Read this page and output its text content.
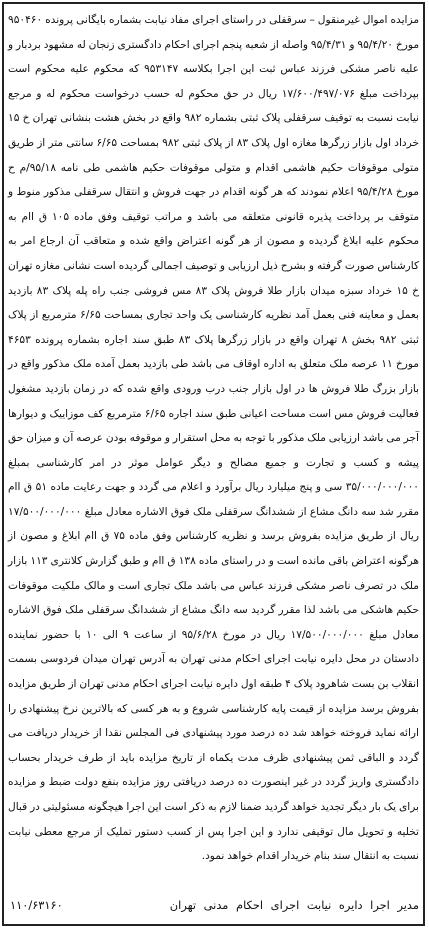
مزایده اموال غیرمنقول – سرقفلی در راستای اجرای مفاد نیابت بشماره بایگانی پرونده ۹۵۰۴۶۰ مورخ ۹۵/۴/۲۰ و ۹۵/۴/۳۱ واصله از شعبه پنجم اجرای احکام دادگستری زنجان له مشهود بردبار و علیه ناصر مشکی فرزند عباس ثبت این اجرا بکلاسه ۹۵۳۱۴۷ که محکوم علیه محکوم است بپرداخت مبلغ ۱۷/۶۰۰/۴۹۷/۰۷۶ ریال در حق محکوم له حسب درخواست محکوم له و مرجع نیابت نسبت به توقیف سرقفلی پلاک ثبتی بشماره ۹۸۲ واقع در بخش هشت بنشانی تهران خ ۱۵ خرداد اول بازار زرگرها مغازه اول پلاک ۸۳ از پلاک ثبتی ۹۸۲ بمساحت ۶/۶۵ سانتی متر از طریق متولی موقوفات حکیم هاشمی اقدام و متولی موقوفات حکیم هاشمی طی نامه ۹۵/۱۸/م ح مورخ ۹۵/۴/۲۸ اعلام نمودند که هر گونه اقدام در جهت فروش و انتقال سرقفلی مذکور منوط و متوقف بر پرداخت پذیره قانونی متعلقه می باشد و مراتب توقیف وفق ماده ۱۰۵ ق اام به محکوم علیه ابلاغ گردیده و مصون از هر گونه اعتراض واقع شده و متعاقب آن ارجاع امر به کارشناس صورت گرفته و بشرح ذیل ارزیابی و توصیف اجمالی گردیده است نشانی مغازه تهران خ ۱۵ خرداد سبزه میدان بازار طلا فروش پلاک ۸۳ مس فروشی جنب راه پله پلاک ۸۳ بازدید بعمل و معاینه فنی بعمل آمد نظریه کارشناسی یک واحد تجاری بمساحت ۶/۶۵ مترمربع از پلاک ثبتی ۹۸۲ بخش ۸ تهران واقع در بازار زرگرها پلاک ۸۳ طبق سند اجاره بشماره پرونده ۴۶۵۳ مورخ ۱۱ عرصه ملک متعلق به اداره اوقاف می باشد طی بازدید بعمل آمده ملک مذکور واقع در بازار بزرگ طلا فروش ها در اول بازار جنب درب ورودی واقع شده که در زمان بازدید مشغول فعالیت فروش مس است مساحت اعیانی طبق سند اجاره ۶/۶۵ مترمربع کف موزاییک و دیوارها آجر می باشد ارزیابی ملک مذکور با توجه به محل استقرار و موقوفه بودن عرصه آن و میزان حق پیشه و کسب و تجارت و جمیع مصالح و دیگر عوامل موثر در امر کارشناسی بمبلغ ۳۵/۰۰۰/۰۰۰/۰۰۰ سی و پنج میلیارد ریال برآورد و اعلام می گردد و جهت رعایت ماده ۵۱ ق اام مقرر شد سه دانگ مشاع از ششدانگ سرقفلی ملک فوق الاشاره معادل مبلغ ۱۷/۵۰۰/۰۰۰/۰۰۰ ریال از طریق مزایده بفروش برسد و نظریه کارشناس وفق ماده ۷۵ ق اام ابلاغ و مصون از هرگونه اعتراض باقی مانده است و در راستای ماده ۱۳۸ ق اام و طبق گزارش کلانتری ۱۱۳ بازار ملک در تصرف ناصر مشکی فرزند عباس می باشد ملک تجاری است و مالک ملکیت موقوفات حکیم هاشکی می باشد لذا مقرر گردید سه دانگ مشاع از ششدانگ سرقفلی ملک فوق الاشاره معادل مبلغ ۱۷/۵۰۰/۰۰۰/۰۰۰ ریال در مورخ ۹۵/۶/۲۸ از ساعت ۹ الی ۱۰ با حضور نماینده دادستان در محل دایره نیابت اجرای احکام مدنی تهران به آدرس تهران میدان فردوسی بسمت انقلاب بن بست شاهرود پلاک ۴ طبقه اول دایره نیابت اجرای احکام مدنی تهران از طریق مزایده بفروش برسد مزایده از قیمت پایه کارشناسی شروع و به هر کسی که بالاترین نرخ پیشنهادی را ارائه نماید فروخته خواهد شد ده درصد مورد پیشنهادی فی المجلس نقدا از خریدار دریافت می گردد و الباقی ثمن پیشنهادی ظرف مدت یکماه از تاریخ مزایده باید از طرف خریدار بحساب دادگستری واریز گردد در غیر اینصورت ده درصد دریافتی روز مزایده بنفع دولت ضبط و مزایده برای یک بار دیگر تجدید خواهد گردید ضمنا لازم به ذکر است این اجرا هیچگونه مسئولیتی در قبال تخلیه و تحویل مال توقیفی ندارد و این اجرا پس از کسب دستور تملیک از مرجع معطی نیابت نسبت به انتقال سند بنام خریدار اقدام خواهد نمود.

مدیر اجرا دایره نیابت اجرای احکام مدنی تهران
۱۱۰/۶۳۱۶۰
